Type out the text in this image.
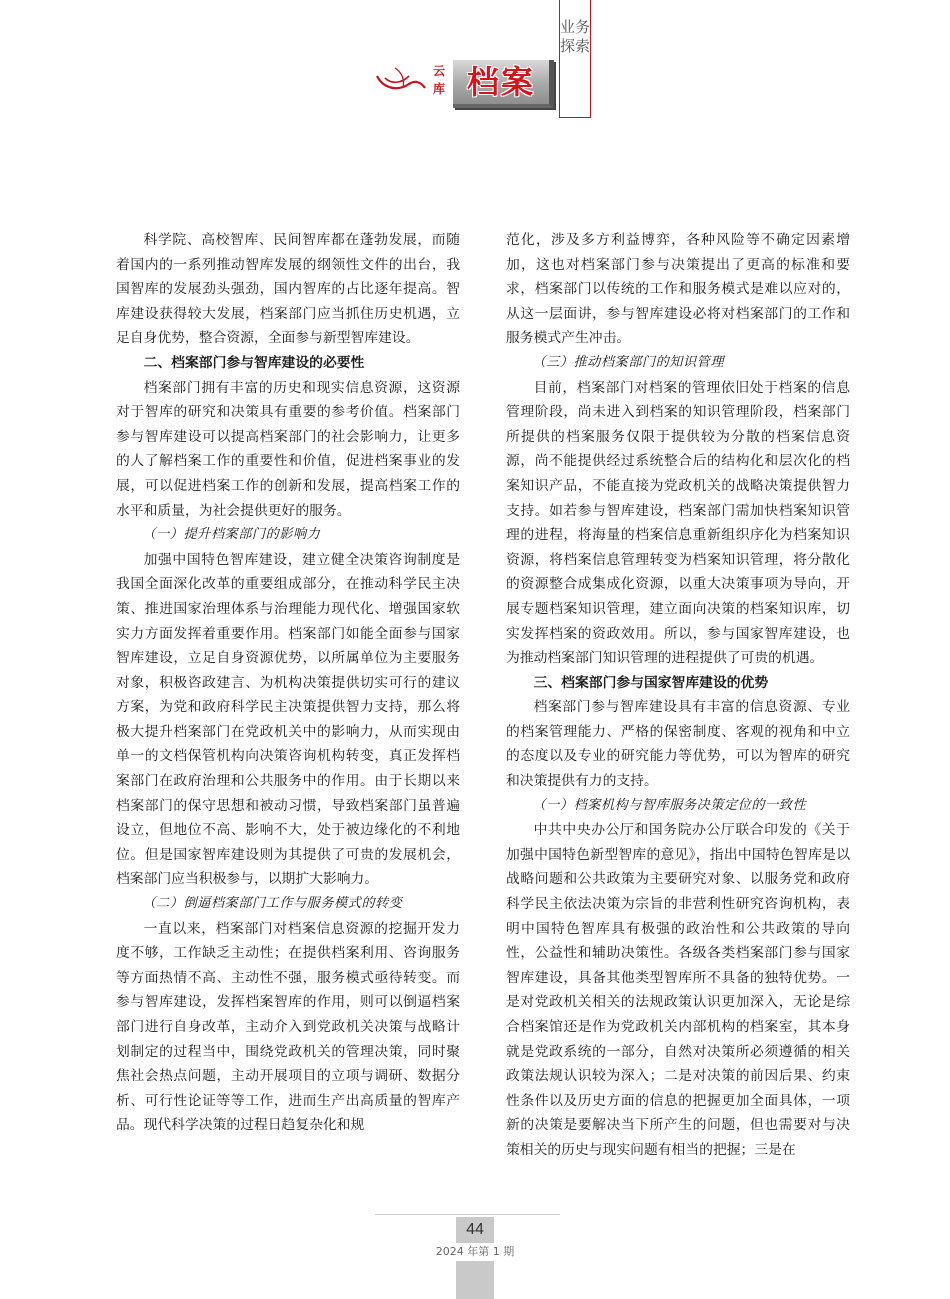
云
库 档案
业务探索

科学院、高校智库、民间智库都在蓬勃发展，而随着国内的一系列推动智库发展的纲领性文件的出台，我国智库的发展劲头强劲，国内智库的占比逐年提高。智库建设获得较大发展，档案部门应当抓住历史机遇，立足自身优势，整合资源，全面参与新型智库建设。

二、档案部门参与智库建设的必要性

档案部门拥有丰富的历史和现实信息资源，这资源对于智库的研究和决策具有重要的参考价值。档案部门参与智库建设可以提高档案部门的社会影响力，让更多的人了解档案工作的重要性和价值，促进档案事业的发展，可以促进档案工作的创新和发展，提高档案工作的水平和质量，为社会提供更好的服务。

（一）提升档案部门的影响力

加强中国特色智库建设，建立健全决策咨询制度是我国全面深化改革的重要组成部分，在推动科学民主决策、推进国家治理体系与治理能力现代化、增强国家软实力方面发挥着重要作用。档案部门如能全面参与国家智库建设，立足自身资源优势，以所属单位为主要服务对象，积极咨政建言、为机构决策提供切实可行的建议方案，为党和政府科学民主决策提供智力支持，那么将极大提升档案部门在党政机关中的影响力，从而实现由单一的文档保管机构向决策咨询机构转变，真正发挥档案部门在政府治理和公共服务中的作用。由于长期以来档案部门的保守思想和被动习惯，导致档案部门虽普遍设立，但地位不高、影响不大，处于被边缘化的不利地位。但是国家智库建设则为其提供了可贵的发展机会，档案部门应当积极参与，以期扩大影响力。

（二）倒逼档案部门工作与服务模式的转变

一直以来，档案部门对档案信息资源的挖掘开发力度不够，工作缺乏主动性；在提供档案利用、咨询服务等方面热情不高、主动性不强，服务模式亟待转变。而参与智库建设，发挥档案智库的作用，则可以倒逼档案部门进行自身改革，主动介入到党政机关决策与战略计划制定的过程当中，围绕党政机关的管理决策，同时聚焦社会热点问题，主动开展项目的立项与调研、数据分析、可行性论证等等工作，进而生产出高质量的智库产品。现代科学决策的过程日趋复杂化和规

范化，涉及多方利益博弈，各种风险等不确定因素增加，这也对档案部门参与决策提出了更高的标准和要求，档案部门以传统的工作和服务模式是难以应对的，从这一层面讲，参与智库建设必将对档案部门的工作和服务模式产生冲击。

（三）推动档案部门的知识管理

目前，档案部门对档案的管理依旧处于档案的信息管理阶段，尚未进入到档案的知识管理阶段，档案部门所提供的档案服务仅限于提供较为分散的档案信息资源，尚不能提供经过系统整合后的结构化和层次化的档案知识产品，不能直接为党政机关的战略决策提供智力支持。如若参与智库建设，档案部门需加快档案知识管理的进程，将海量的档案信息重新组织序化为档案知识资源，将档案信息管理转变为档案知识管理，将分散化的资源整合成集成化资源，以重大决策事项为导向，开展专题档案知识管理，建立面向决策的档案知识库，切实发挥档案的资政效用。所以，参与国家智库建设，也为推动档案部门知识管理的进程提供了可贵的机遇。

三、档案部门参与国家智库建设的优势

档案部门参与智库建设具有丰富的信息资源、专业的档案管理能力、严格的保密制度、客观的视角和中立的态度以及专业的研究能力等优势，可以为智库的研究和决策提供有力的支持。

（一）档案机构与智库服务决策定位的一致性

中共中央办公厅和国务院办公厅联合印发的《关于加强中国特色新型智库的意见》，指出中国特色智库是以战略问题和公共政策为主要研究对象、以服务党和政府科学民主依法决策为宗旨的非营利性研究咨询机构，表明中国特色智库具有极强的政治性和公共政策的导向性，公益性和辅助决策性。各级各类档案部门参与国家智库建设，具备其他类型智库所不具备的独特优势。一是对党政机关相关的法规政策认识更加深入，无论是综合档案馆还是作为党政机关内部机构的档案室，其本身就是党政系统的一部分，自然对决策所必须遵循的相关政策法规认识较为深入；二是对决策的前因后果、约束性条件以及历史方面的信息的把握更加全面具体，一项新的决策是要解决当下所产生的问题，但也需要对与决策相关的历史与现实问题有相当的把握；三是在

44
2024 年第 1 期
